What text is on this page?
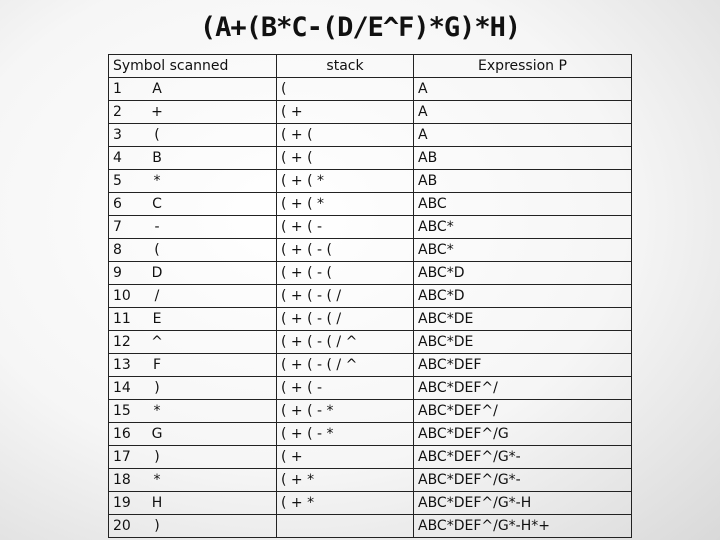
(A+(B*C-(D/E^F)*G)*H)
Symbol scanned	stack	Expression P
1 A	(	A
2 +	( +	A
3 (	( + (	A
4 B	( + (	AB
5 *	( + ( *	AB
6 C	( + ( *	ABC
7 -	( + ( -	ABC*
8 (	( + ( - (	ABC*
9 D	( + ( - (	ABC*D
10 /	( + ( - ( /	ABC*D
11 E	( + ( - ( /	ABC*DE
12 ^	( + ( - ( / ^	ABC*DE
13 F	( + ( - ( / ^	ABC*DEF
14 )	( + ( -	ABC*DEF^/
15 *	( + ( - *	ABC*DEF^/
16 G	( + ( - *	ABC*DEF^/G
17 )	( +	ABC*DEF^/G*-
18 *	( + *	ABC*DEF^/G*-
19 H	( + *	ABC*DEF^/G*-H
20 )		ABC*DEF^/G*-H*+
